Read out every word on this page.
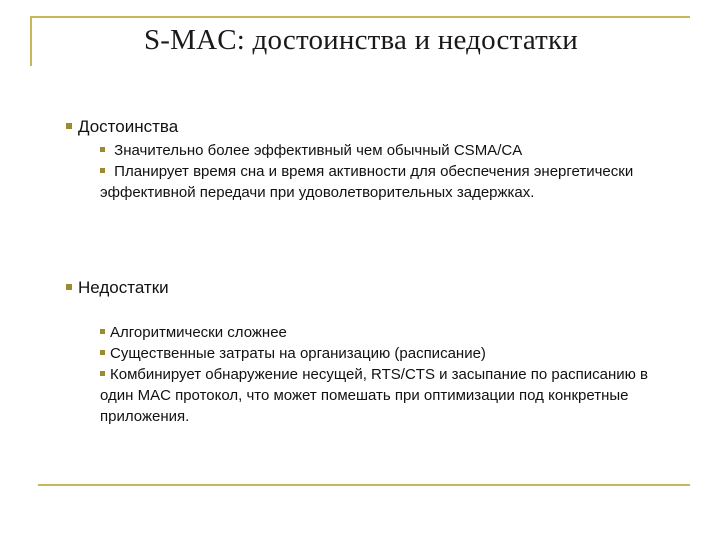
S-MAC: достоинства и недостатки
Достоинства

Значительно более эффективный чем обычный CSMA/CA

Планирует время сна и время активности для обеспечения энергетически эффективной передачи при удоволетворительных задержках.

Недостатки

Алгоритмически сложнее

Существенные затраты на организацию (расписание)

Комбинирует обнаружение несущей, RTS/CTS и засыпание по расписанию в один MAC протокол, что может помешать при оптимизации под конкретные приложения.
